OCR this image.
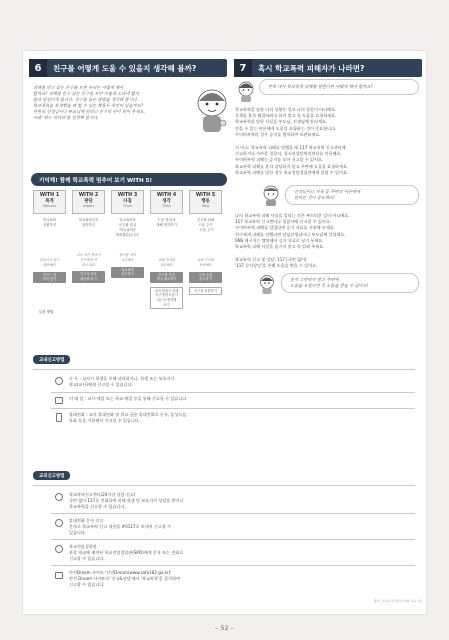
6	친구를 어떻게 도울 수 있을지 생각해 볼까?
피해를 받고 있는 친구를 보면 우리는 어떻게 해야
할까요? 피해를 받고 있는 친구를 보면 어떻게 도와야 할지
몰라 망설이게 됩니다. 친구를 돕는 방법을 생각해 봅시다.
학교폭력을 목격했을 때 할 수 있는 행동은 무엇이 있을까요?
주변의 선생님이나 부모님께 알리고 친구의 편이 되어 주세요.
아래 '위드 파이브'를 실천해 봅시다.
기억해! 함께 학교폭력 멈추어 보기 WITH 5!
실천 방법
WITH 1
목격
Witness
학교폭력
상황목격
망설이지 말고
행동해요
모르는 척
하지 않기
WITH 2
판단
Impact
학교폭력인지
판단하기
나의 작은 행동이
친구에게 큰
힘이 돼요
친구의 마음
헤아려 보기
WITH 3
다짐
Think
학교폭력을
신고할 결심
'학교폭력은
범죄행위입니다'
용기를 내어
다짐해요
학교폭력
신고하기
WITH 4
생각
Think
도울 방법에
대해 생각하기
피해 친구를
위로해요
친구를 지지
하고 위로하기
나의 대처가 피해
친구에게 도움이
되는지 생각해
보기
WITH 5
행동
Help
친구를 위해
도움 주기
· 도움 주기
피해 친구를
응원해요
도움 요청
신고하기
친구를 응원하기
7	혹시 학교폭력 피해자가 나라면?
만약 내가 학교폭력 피해를 당한다면 어떻게 해야 할까요?
학교폭력을 당한 나의 상황은 결코 나의 잘못이 아니에요.
문제를 혼자 해결하려고 하지 말고 꼭 도움을 요청하세요.
학교폭력을 당한 사실을 부모님, 선생님께 알리세요.
믿을 수 있는 어른에게 도움을 요청하는 것이 중요합니다.
사이버폭력의 경우 증거를 캡처하여 보관하세요.
지 이스: 학교폭력 피해를 당했을 때 117 학교폭력 신고센터에
신고하거나 가까운 경찰서, 청소년상담복지센터를 이용해요.
사이버폭력 피해는 증거를 모아 신고할 수 있어요.
학교폭력 피해를 혼자 감당하지 말고 주변에 도움을 요청하세요.
학교폭력 피해를 당한 경우 학교전담경찰관에게 알릴 수 있어요.
선생님이나 가족 등 주변의 어른에게
알리는 것이 중요해요!
나의 학교폭력 피해 사실을 알리는 것은 부끄러운 일이 아니에요.
117 학교폭력 신고센터나 경찰서에 신고할 수 있어요.
사이버폭력 피해를 입었다면 증거 자료를 저장해 두세요.
친구에게 피해를 당했다면 담임선생님이나 부모님께 알리세요.
SNS 메시지는 캡처해서 증거 자료로 남겨 두세요.
학교폭력 피해 사실을 숨기지 말고 꼭 알려 주세요.
학교폭력 신고 및 상담: 117 (국번 없이)
'117 문자상담'을 통해 도움을 받을 수 있어요.
혼자 고민하지 말고 주변에
도움을 요청하면 꼭 도움을 받을 수 있어요!
교내신고방법
구 두 : 교사가 학생을 통해 파악하거나, 학생 또는 보호자가
학교(교사)에게 신고할 수 있습니다.
이 메 일 : 교사 메일 또는 학교 메일 등을 통해 신고할 수 있습니다.
휴대전화 : 교사 휴대전화 및 학교 공용 휴대전화로 문자, 음성녹음,
통화 등을 이용해서 신고할 수 있습니다.
교외신고방법
학교폭력신고센터(24시간 상담·신고)
국번 없이 117로 전화하여 피해 학생 및 보호자가 상담을 받거나
학교폭력을 신고할 수 있습니다.
휴대전화 문자 신고
문자로 학교폭력 신고 내용을 #0117로 보내서 신고할 수
있습니다.
학교전담경찰관
관할 학교에 배치된 학교전담경찰관(SPO)에게 문자 또는 전화로
신고할 수 있습니다.
안전Dream 사이트 '안전Dream(www.safe182.go.kr)'
안전 Dream 사이트의 '신고&상담'에서 '학교폭력'을 클릭하여
신고할 수 있습니다.
출처: 교육부 학교폭력 예방 교육 자료
– 52 –
